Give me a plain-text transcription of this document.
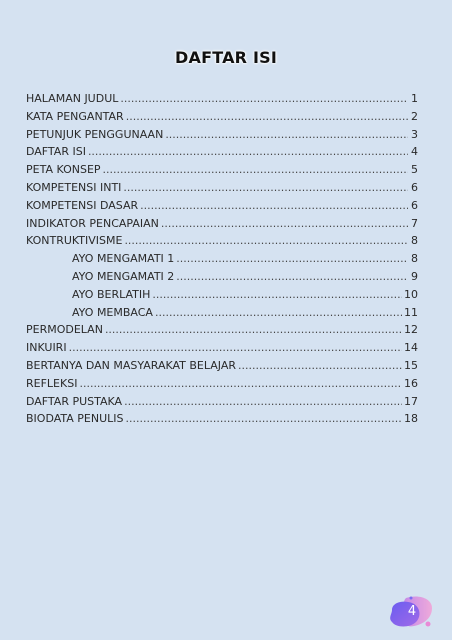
DAFTAR ISI
HALAMAN JUDUL .....	1
KATA PENGANTAR .....	2
PETUNJUK PENGGUNAAN .....	3
DAFTAR ISI .....	4
PETA KONSEP .....	5
KOMPETENSI INTI .....	6
KOMPETENSI DASAR .....	6
INDIKATOR PENCAPAIAN .....	7
KONTRUKTIVISME .....	8
AYO MENGAMATI 1 .....	8
AYO MENGAMATI 2 .....	9
AYO BERLATIH .....	10
AYO MEMBACA .....	11
PERMODELAN .....	12
INKUIRI .....	14
BERTANYA DAN MASYARAKAT BELAJAR .....	15
REFLEKSI .....	16
DAFTAR PUSTAKA .....	17
BIODATA PENULIS .....	18
4
